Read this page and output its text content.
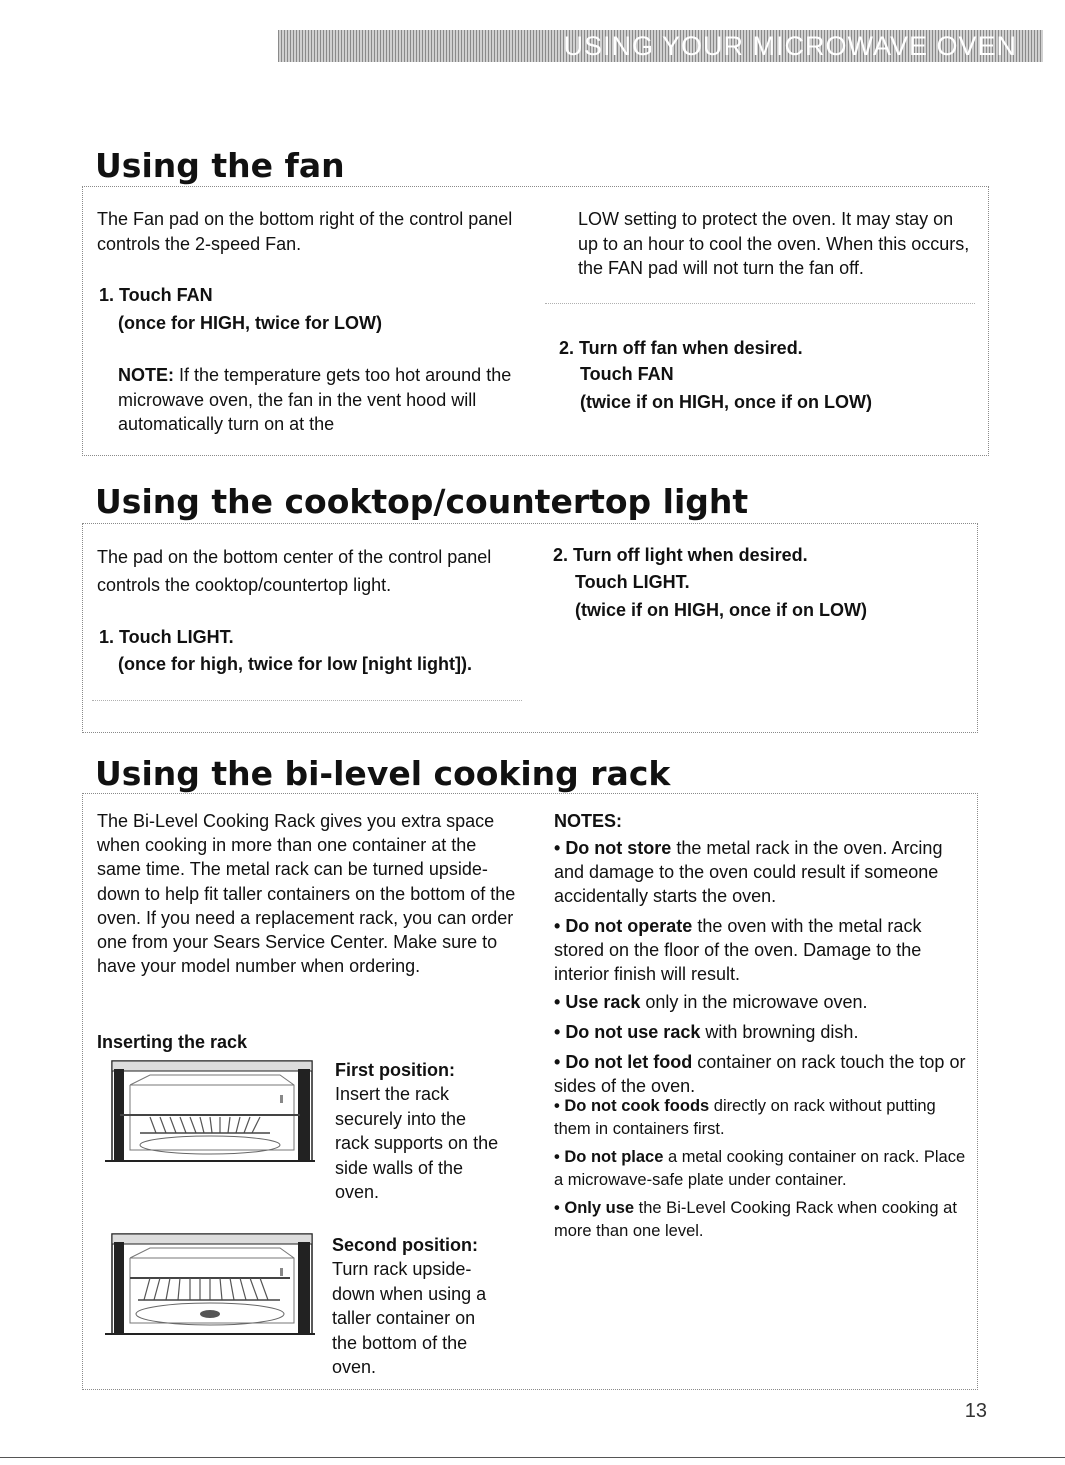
USING YOUR MICROWAVE OVEN
Using the fan

The Fan pad on the bottom right of the control panel controls the 2-speed Fan.

1. Touch FAN

(once for HIGH, twice for LOW)

NOTE: If the temperature gets too hot around the microwave oven, the fan in the vent hood will automatically turn on at the

LOW setting to protect the oven. It may stay on up to an hour to cool the oven. When this occurs, the FAN pad will not turn the fan off.

2. Turn off fan when desired.

Touch FAN

(twice if on HIGH, once if on LOW)

Using the cooktop/countertop light

The pad on the bottom center of the control panel controls the cooktop/countertop light.

1. Touch LIGHT.

(once for high, twice for low [night light]).

2. Turn off light when desired.

Touch LIGHT.

(twice if on HIGH, once if on LOW)

Using the bi-level cooking rack

The Bi-Level Cooking Rack gives you extra space when cooking in more than one container at the same time. The metal rack can be turned upside-down to help fit taller containers on the bottom of the oven. If you need a replacement rack, you can order one from your Sears Service Center. Make sure to have your model number when ordering.

Inserting the rack

First position:

Insert the rack securely into the rack supports on the side walls of the oven.

Second position:

Turn rack upside-down when using a taller container on the bottom of the oven.

NOTES:

• Do not store the metal rack in the oven. Arcing and damage to the oven could result if someone accidentally starts the oven.
• Do not operate the oven with the metal rack stored on the floor of the oven. Damage to the interior finish will result.
• Use rack only in the microwave oven.
• Do not use rack with browning dish.
• Do not let food container on rack touch the top or sides of the oven.
• Do not cook foods directly on rack without putting them in containers first.
• Do not place a metal cooking container on rack. Place a microwave-safe plate under container.
• Only use the Bi-Level Cooking Rack when cooking at more than one level.
13
